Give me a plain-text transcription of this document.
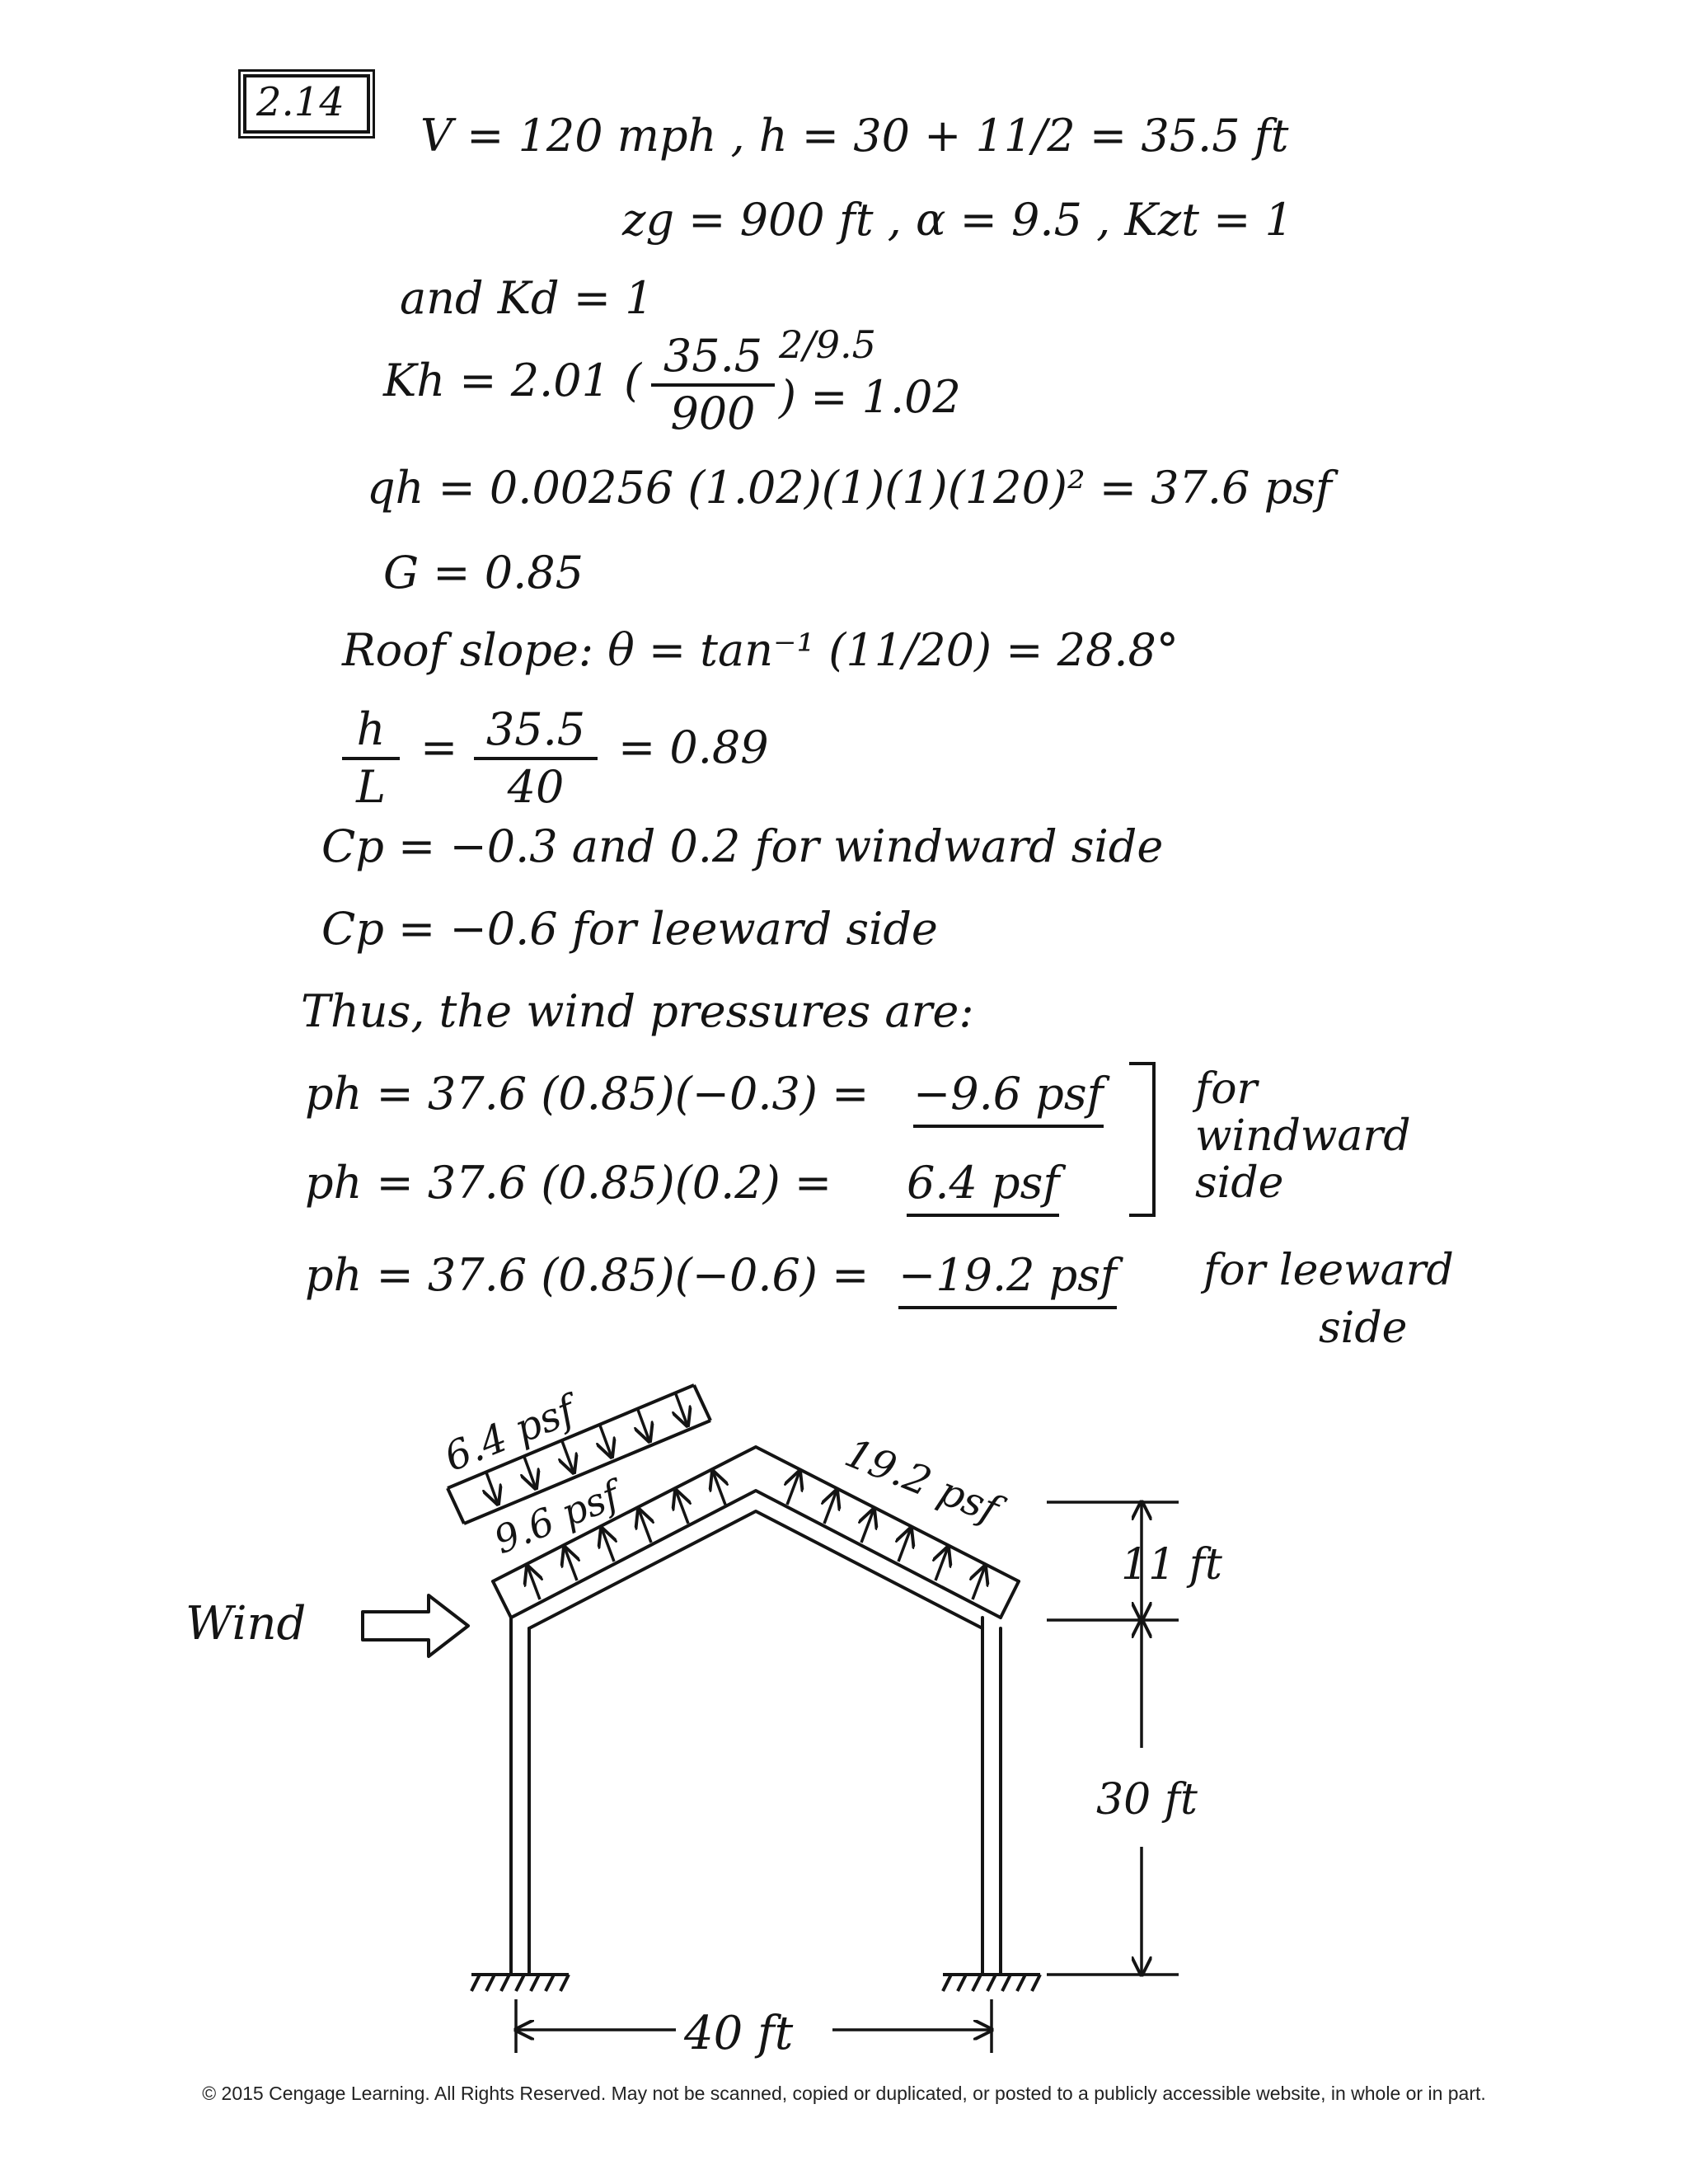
2.14
V = 120 mph , h = 30 + 11/2 = 35.5 ft
zg = 900 ft , α = 9.5 , Kzt = 1
and Kd = 1
Kh = 2.01 ( 35.5
900
2/9.5
) = 1.02
qh = 0.00256 (1.02)(1)(1)(120)² = 37.6 psf
G = 0.85
Roof slope: θ = tan⁻¹ (11/20) = 28.8°
h
L
= 35.5
40
= 0.89
Cp = −0.3 and 0.2 for windward side
Cp = −0.6 for leeward side
Thus, the wind pressures are:
ph = 37.6 (0.85)(−0.3) = −9.6 psf
ph = 37.6 (0.85)(0.2) = 6.4 psf
for
windward
side
ph = 37.6 (0.85)(−0.6) = −19.2 psf for leeward
side
Wind
6.4 psf
9.6 psf	19.2 psf
11 ft
30 ft
40 ft
© 2015 Cengage Learning. All Rights Reserved. May not be scanned, copied or duplicated, or posted to a publicly accessible website, in whole or in part.
